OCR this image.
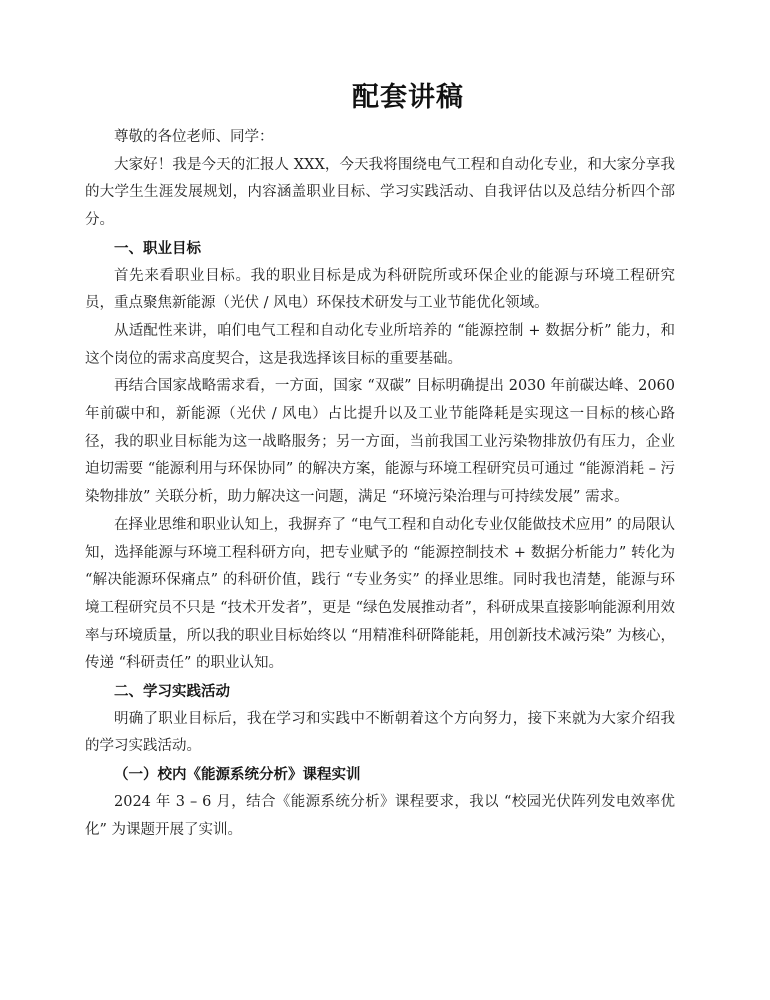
配套讲稿

尊敬的各位老师、同学：

大家好！我是今天的汇报人 XXX，今天我将围绕电气工程和自动化专业，和大家分享我的大学生生涯发展规划，内容涵盖职业目标、学习实践活动、自我评估以及总结分析四个部分。

一、职业目标

首先来看职业目标。我的职业目标是成为科研院所或环保企业的能源与环境工程研究员，重点聚焦新能源（光伏 / 风电）环保技术研发与工业节能优化领域。

从适配性来讲，咱们电气工程和自动化专业所培养的 “能源控制 + 数据分析” 能力，和这个岗位的需求高度契合，这是我选择该目标的重要基础。

再结合国家战略需求看，一方面，国家 “双碳” 目标明确提出 2030 年前碳达峰、2060 年前碳中和，新能源（光伏 / 风电）占比提升以及工业节能降耗是实现这一目标的核心路径，我的职业目标能为这一战略服务；另一方面，当前我国工业污染物排放仍有压力，企业迫切需要 “能源利用与环保协同” 的解决方案，能源与环境工程研究员可通过 “能源消耗 – 污染物排放” 关联分析，助力解决这一问题，满足 “环境污染治理与可持续发展” 需求。

在择业思维和职业认知上，我摒弃了 “电气工程和自动化专业仅能做技术应用” 的局限认知，选择能源与环境工程科研方向，把专业赋予的 “能源控制技术 + 数据分析能力” 转化为 “解决能源环保痛点” 的科研价值，践行 “专业务实” 的择业思维。同时我也清楚，能源与环境工程研究员不只是 “技术开发者”，更是 “绿色发展推动者”，科研成果直接影响能源利用效率与环境质量，所以我的职业目标始终以 “用精准科研降能耗，用创新技术减污染” 为核心，传递 “科研责任” 的职业认知。

二、学习实践活动

明确了职业目标后，我在学习和实践中不断朝着这个方向努力，接下来就为大家介绍我的学习实践活动。

（一）校内《能源系统分析》课程实训

2024 年 3 – 6 月，结合《能源系统分析》课程要求，我以 “校园光伏阵列发电效率优化” 为课题开展了实训。
